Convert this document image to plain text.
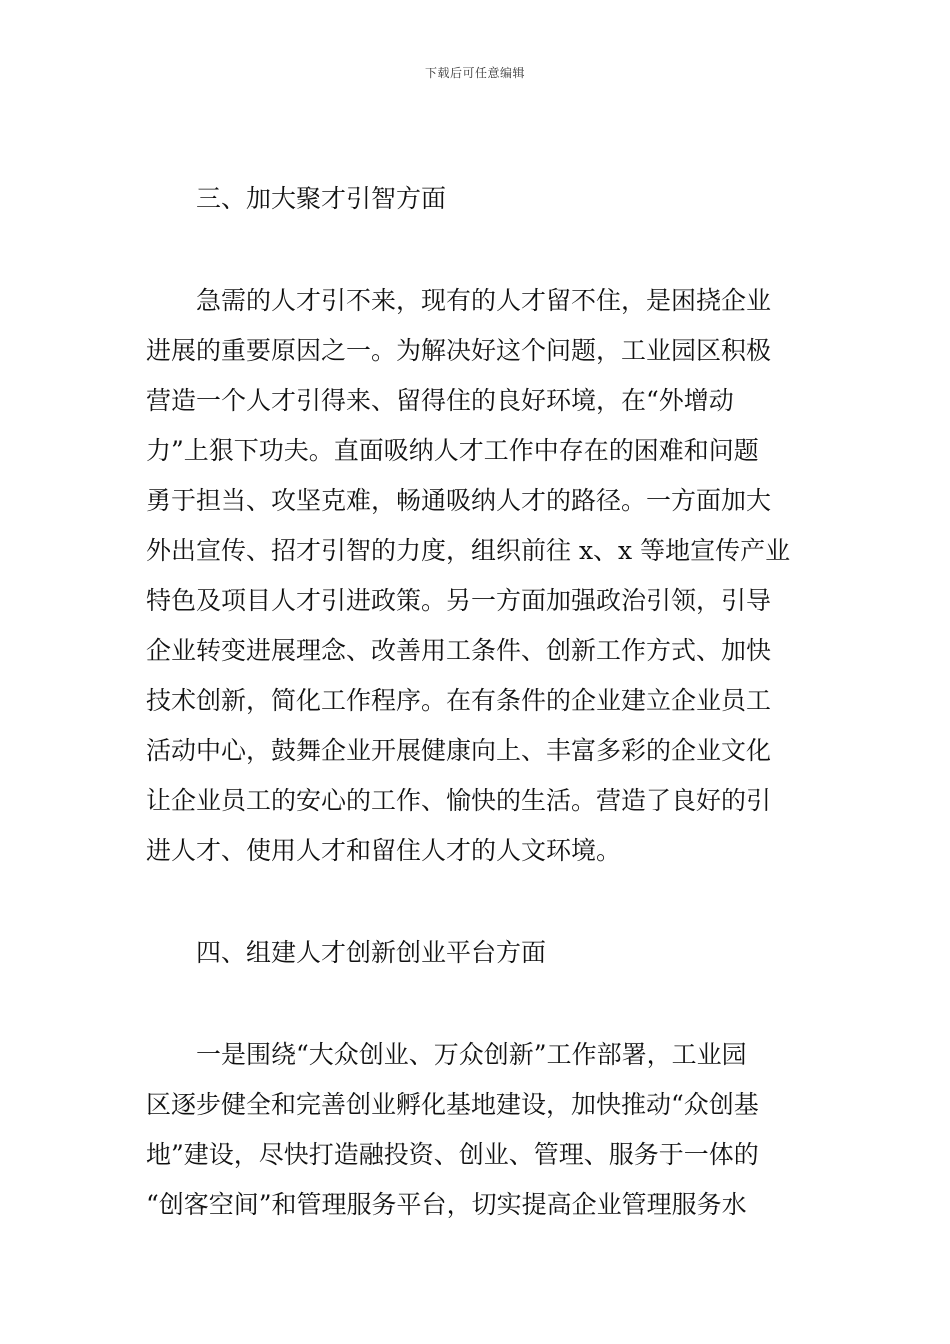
下载后可任意编辑
三、加大聚才引智方面

急需的人才引不来，现有的人才留不住，是困挠企业
进展的重要原因之一。为解决好这个问题，工业园区积极
营造一个人才引得来、留得住的良好环境，在“外增动
力”上狠下功夫。直面吸纳人才工作中存在的困难和问题
勇于担当、攻坚克难，畅通吸纳人才的路径。一方面加大
外出宣传、招才引智的力度，组织前往 x、x 等地宣传产业
特色及项目人才引进政策。另一方面加强政治引领，引导
企业转变进展理念、改善用工条件、创新工作方式、加快
技术创新，简化工作程序。在有条件的企业建立企业员工
活动中心，鼓舞企业开展健康向上、丰富多彩的企业文化
让企业员工的安心的工作、愉快的生活。营造了良好的引
进人才、使用人才和留住人才的人文环境。

四、组建人才创新创业平台方面

一是围绕“大众创业、万众创新”工作部署，工业园
区逐步健全和完善创业孵化基地建设，加快推动“众创基
地”建设，尽快打造融投资、创业、管理、服务于一体的
“创客空间”和管理服务平台，切实提高企业管理服务水
